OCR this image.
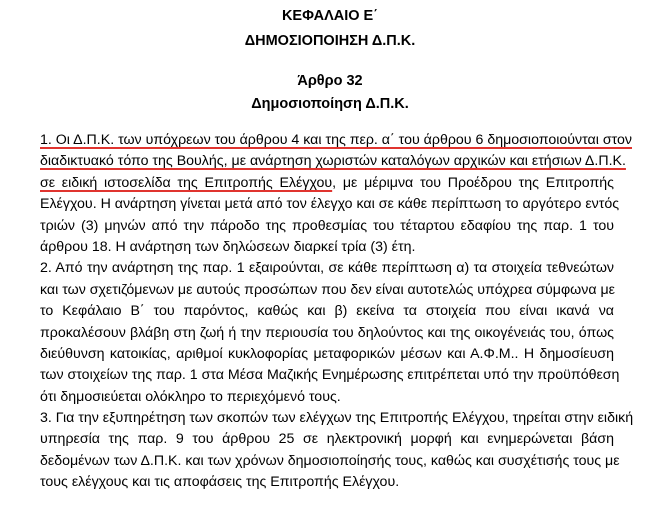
ΚΕΦΑΛΑΙΟ Ε΄
ΔΗΜΟΣΙΟΠΟΙΗΣΗ Δ.Π.Κ.
Άρθρο 32
Δημοσιοποίηση Δ.Π.Κ.
1. Οι Δ.Π.Κ. των υπόχρεων του άρθρου 4 και της περ. α΄ του άρθρου 6 δημοσιοποιούνται στον
διαδικτυακό τόπο της Βουλής, με ανάρτηση χωριστών καταλόγων αρχικών και ετήσιων Δ.Π.Κ.
σε ειδική ιστοσελίδα της Επιτροπής Ελέγχου, με μέριμνα του Προέδρου της Επιτροπής
Ελέγχου. Η ανάρτηση γίνεται μετά από τον έλεγχο και σε κάθε περίπτωση το αργότερο εντός
τριών (3) μηνών από την πάροδο της προθεσμίας του τέταρτου εδαφίου της παρ. 1 του
άρθρου 18. Η ανάρτηση των δηλώσεων διαρκεί τρία (3) έτη.
2. Από την ανάρτηση της παρ. 1 εξαιρούνται, σε κάθε περίπτωση α) τα στοιχεία τεθνεώτων
και των σχετιζόμενων με αυτούς προσώπων που δεν είναι αυτοτελώς υπόχρεα σύμφωνα με
το Κεφάλαιο Β΄ του παρόντος, καθώς και β) εκείνα τα στοιχεία που είναι ικανά να
προκαλέσουν βλάβη στη ζωή ή την περιουσία του δηλούντος και της οικογένειάς του, όπως
διεύθυνση κατοικίας, αριθμοί κυκλοφορίας μεταφορικών μέσων και Α.Φ.Μ.. Η δημοσίευση
των στοιχείων της παρ. 1 στα Μέσα Μαζικής Ενημέρωσης επιτρέπεται υπό την προϋπόθεση
ότι δημοσιεύεται ολόκληρο το περιεχόμενό τους.
3. Για την εξυπηρέτηση των σκοπών των ελέγχων της Επιτροπής Ελέγχου, τηρείται στην ειδική
υπηρεσία της παρ. 9 του άρθρου 25 σε ηλεκτρονική μορφή και ενημερώνεται βάση
δεδομένων των Δ.Π.Κ. και των χρόνων δημοσιοποίησής τους, καθώς και συσχέτισής τους με
τους ελέγχους και τις αποφάσεις της Επιτροπής Ελέγχου.
